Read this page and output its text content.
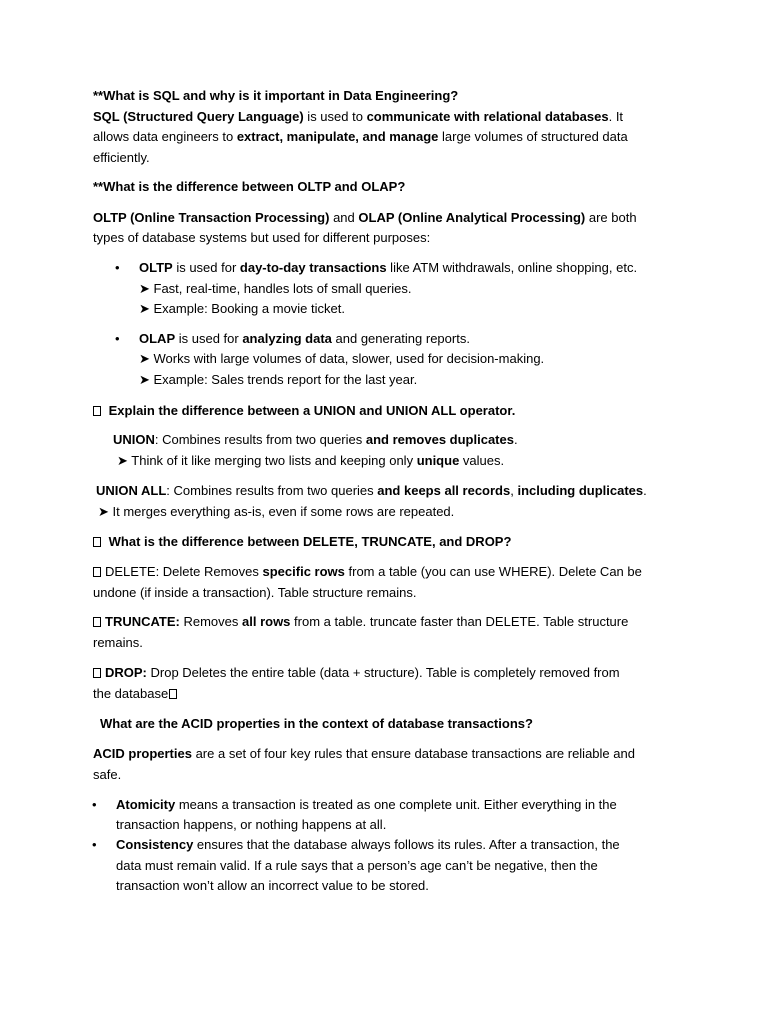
**What is SQL and why is it important in Data Engineering?
SQL (Structured Query Language) is used to communicate with relational databases. It
allows data engineers to extract, manipulate, and manage large volumes of structured data
efficiently.
**What is the difference between OLTP and OLAP?
OLTP (Online Transaction Processing) and OLAP (Online Analytical Processing) are both
types of database systems but used for different purposes:
• OLTP is used for day-to-day transactions like ATM withdrawals, online shopping, etc.
➤ Fast, real-time, handles lots of small queries.
➤ Example: Booking a movie ticket.
• OLAP is used for analyzing data and generating reports.
➤ Works with large volumes of data, slower, used for decision-making.
➤ Example: Sales trends report for the last year.
Explain the difference between a UNION and UNION ALL operator.
UNION: Combines results from two queries and removes duplicates.
➤ Think of it like merging two lists and keeping only unique values.
UNION ALL: Combines results from two queries and keeps all records, including duplicates.
➤ It merges everything as-is, even if some rows are repeated.
What is the difference between DELETE, TRUNCATE, and DROP?
DELETE: Delete Removes specific rows from a table (you can use WHERE). Delete Can be
undone (if inside a transaction). Table structure remains.
TRUNCATE: Removes all rows from a table. truncate faster than DELETE. Table structure
remains.
DROP: Drop Deletes the entire table (data + structure). Table is completely removed from
the database
What are the ACID properties in the context of database transactions?
ACID properties are a set of four key rules that ensure database transactions are reliable and
safe.
• Atomicity means a transaction is treated as one complete unit. Either everything in the
transaction happens, or nothing happens at all.
• Consistency ensures that the database always follows its rules. After a transaction, the
data must remain valid. If a rule says that a person’s age can’t be negative, then the
transaction won’t allow an incorrect value to be stored.
